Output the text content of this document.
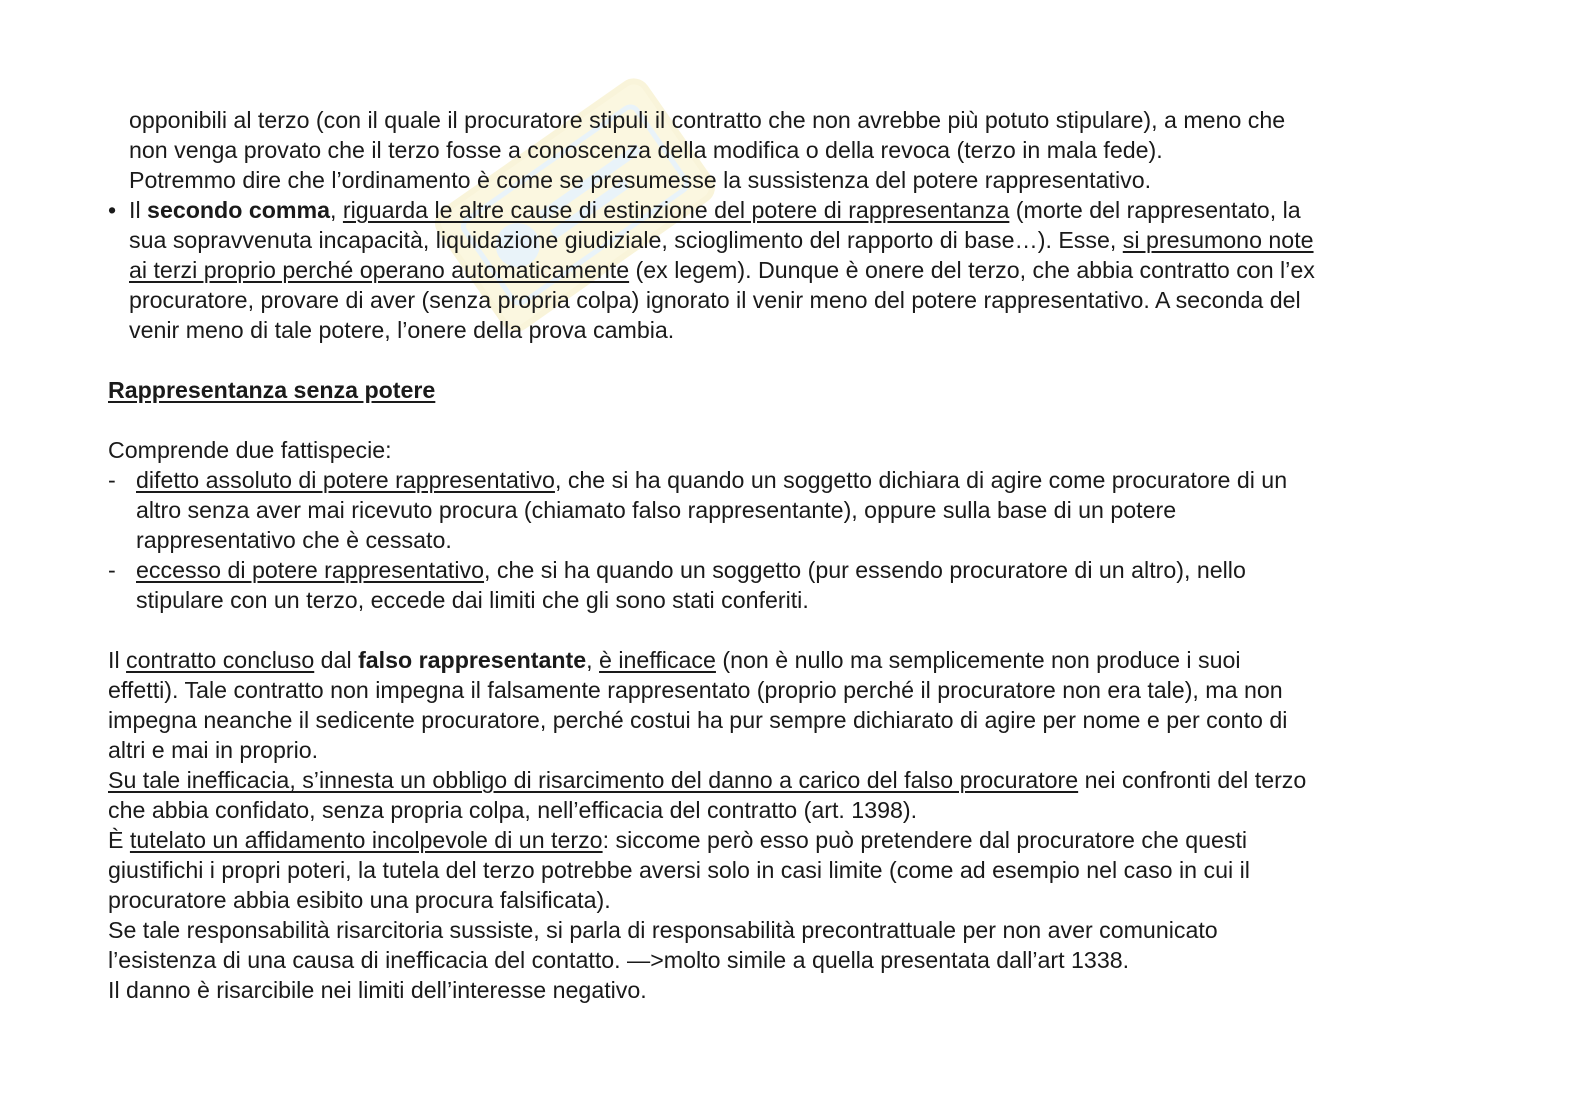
opponibili al terzo (con il quale il procuratore stipuli il contratto che non avrebbe più potuto stipulare), a meno che

non venga provato che il terzo fosse a conoscenza della modifica o della revoca (terzo in mala fede).

Potremmo dire che l’ordinamento è come se presumesse la sussistenza del potere rappresentativo.

• Il secondo comma, riguarda le altre cause di estinzione del potere di rappresentanza (morte del rappresentato, la

sua sopravvenuta incapacità, liquidazione giudiziale, scioglimento del rapporto di base…). Esse, si presumono note

ai terzi proprio perché operano automaticamente (ex legem). Dunque è onere del terzo, che abbia contratto con l’ex

procuratore, provare di aver (senza propria colpa) ignorato il venir meno del potere rappresentativo. A seconda del

venir meno di tale potere, l’onere della prova cambia.

Rappresentanza senza potere

Comprende due fattispecie:

- difetto assoluto di potere rappresentativo, che si ha quando un soggetto dichiara di agire come procuratore di un

altro senza aver mai ricevuto procura (chiamato falso rappresentante), oppure sulla base di un potere

rappresentativo che è cessato.

- eccesso di potere rappresentativo, che si ha quando un soggetto (pur essendo procuratore di un altro), nello

stipulare con un terzo, eccede dai limiti che gli sono stati conferiti.

Il contratto concluso dal falso rappresentante, è inefficace (non è nullo ma semplicemente non produce i suoi

effetti). Tale contratto non impegna il falsamente rappresentato (proprio perché il procuratore non era tale), ma non

impegna neanche il sedicente procuratore, perché costui ha pur sempre dichiarato di agire per nome e per conto di

altri e mai in proprio.

Su tale inefficacia, s’innesta un obbligo di risarcimento del danno a carico del falso procuratore nei confronti del terzo

che abbia confidato, senza propria colpa, nell’efficacia del contratto (art. 1398).

È tutelato un affidamento incolpevole di un terzo: siccome però esso può pretendere dal procuratore che questi

giustifichi i propri poteri, la tutela del terzo potrebbe aversi solo in casi limite (come ad esempio nel caso in cui il

procuratore abbia esibito una procura falsificata).

Se tale responsabilità risarcitoria sussiste, si parla di responsabilità precontrattuale per non aver comunicato

l’esistenza di una causa di inefficacia del contatto. —>molto simile a quella presentata dall’art 1338.

Il danno è risarcibile nei limiti dell’interesse negativo.
